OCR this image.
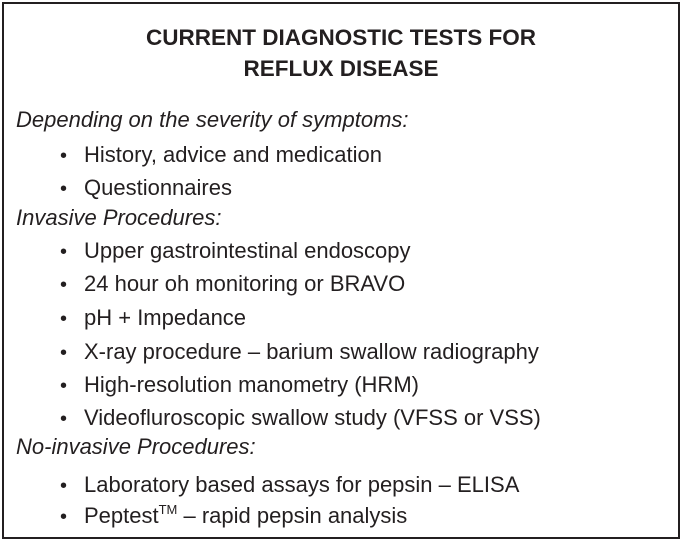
CURRENT DIAGNOSTIC TESTS FOR
REFLUX DISEASE
Depending on the severity of symptoms:
• History, advice and medication
• Questionnaires
Invasive Procedures:
• Upper gastrointestinal endoscopy
• 24 hour oh monitoring or BRAVO
• pH + Impedance
• X-ray procedure – barium swallow radiography
• High-resolution manometry (HRM)
• Videofluroscopic swallow study (VFSS or VSS)
No-invasive Procedures:
• Laboratory based assays for pepsin – ELISA
• Peptest™ – rapid pepsin analysis
